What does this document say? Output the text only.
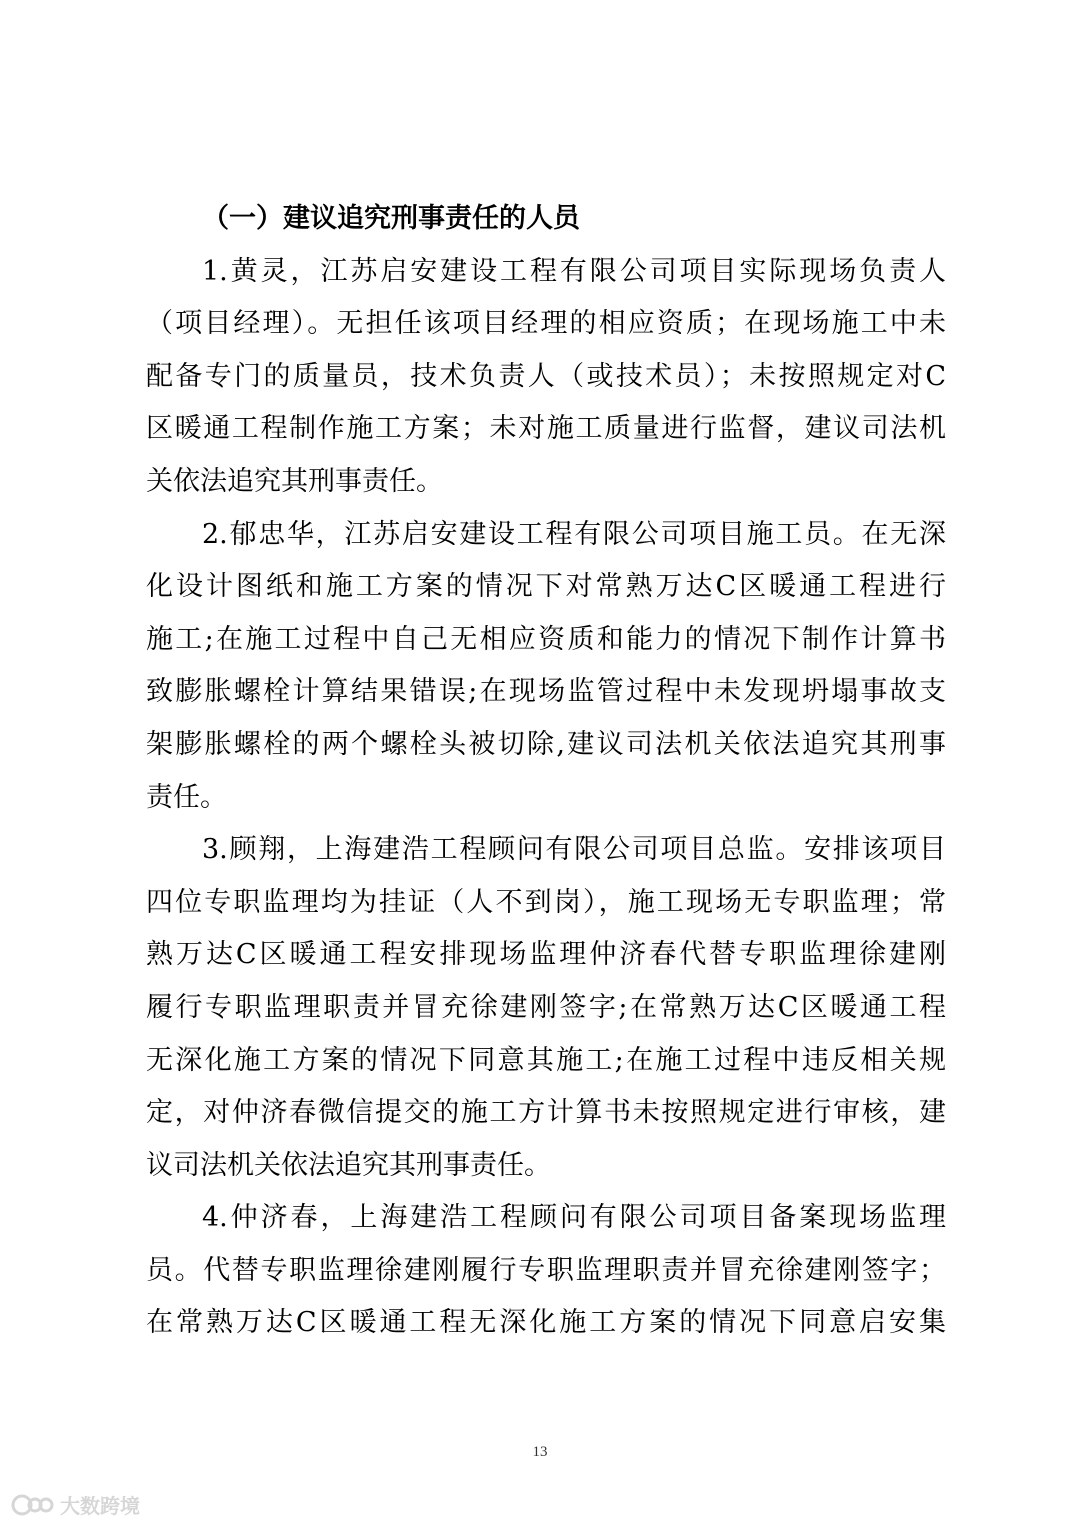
（一）建议追究刑事责任的人员
1.黄灵，江苏启安建设工程有限公司项目实际现场负责人
（项目经理）。无担任该项目经理的相应资质；在现场施工中未
配备专门的质量员，技术负责人（或技术员）；未按照规定对C
区暖通工程制作施工方案；未对施工质量进行监督，建议司法机
关依法追究其刑事责任。
2.郁忠华，江苏启安建设工程有限公司项目施工员。在无深
化设计图纸和施工方案的情况下对常熟万达C区暖通工程进行
施工;在施工过程中自己无相应资质和能力的情况下制作计算书
致膨胀螺栓计算结果错误;在现场监管过程中未发现坍塌事故支
架膨胀螺栓的两个螺栓头被切除,建议司法机关依法追究其刑事
责任。
3.顾翔，上海建浩工程顾问有限公司项目总监。安排该项目
四位专职监理均为挂证（人不到岗），施工现场无专职监理；常
熟万达C区暖通工程安排现场监理仲济春代替专职监理徐建刚
履行专职监理职责并冒充徐建刚签字;在常熟万达C区暖通工程
无深化施工方案的情况下同意其施工;在施工过程中违反相关规
定，对仲济春微信提交的施工方计算书未按照规定进行审核，建
议司法机关依法追究其刑事责任。
4.仲济春，上海建浩工程顾问有限公司项目备案现场监理
员。代替专职监理徐建刚履行专职监理职责并冒充徐建刚签字；
在常熟万达C区暖通工程无深化施工方案的情况下同意启安集
13
大数跨境
